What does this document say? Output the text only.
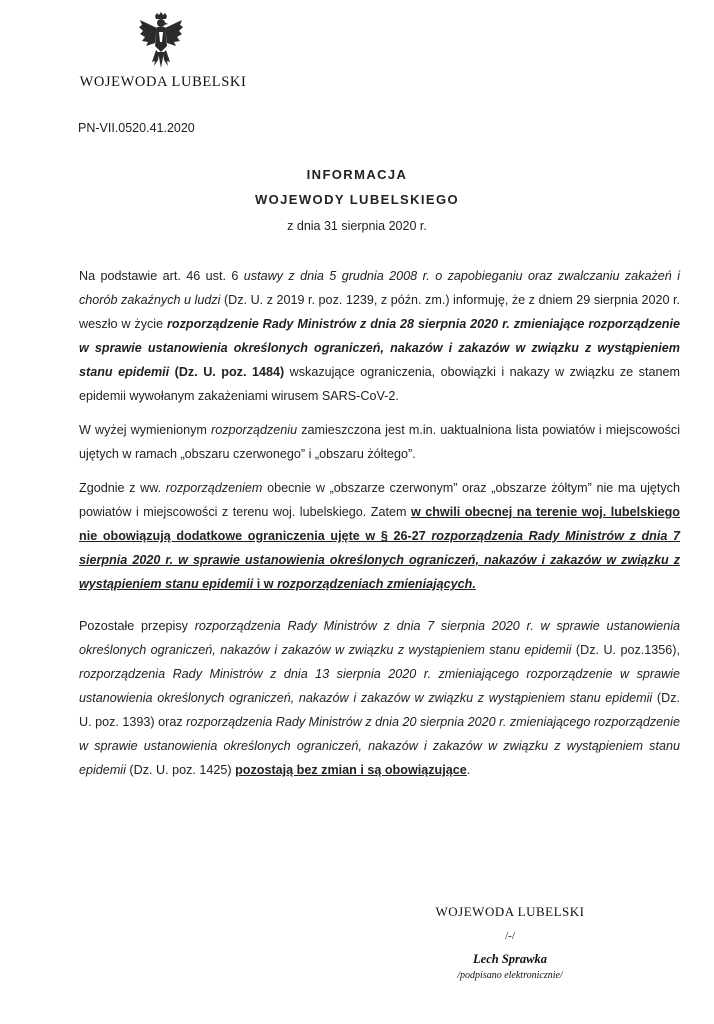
WOJEWODA LUBELSKI
PN-VII.0520.41.2020
INFORMACJA
WOJEWODY LUBELSKIEGO
z dnia 31 sierpnia 2020 r.

Na podstawie art. 46 ust. 6 ustawy z dnia 5 grudnia 2008 r. o zapobieganiu oraz zwalczaniu zakażeń i chorób zakaźnych u ludzi (Dz. U. z 2019 r. poz. 1239, z późn. zm.) informuję, że z dniem 29 sierpnia 2020 r. weszło w życie rozporządzenie Rady Ministrów z dnia 28 sierpnia 2020 r. zmieniające rozporządzenie w sprawie ustanowienia określonych ograniczeń, nakazów i zakazów w związku z wystąpieniem stanu epidemii (Dz. U. poz. 1484) wskazujące ograniczenia, obowiązki i nakazy w związku ze stanem epidemii wywołanym zakażeniami wirusem SARS-CoV-2.

W wyżej wymienionym rozporządzeniu zamieszczona jest m.in. uaktualniona lista powiatów i miejscowości ujętych w ramach „obszaru czerwonego” i „obszaru żółtego”.

Zgodnie z ww. rozporządzeniem obecnie w „obszarze czerwonym” oraz „obszarze żółtym” nie ma ujętych powiatów i miejscowości z terenu woj. lubelskiego. Zatem w chwili obecnej na terenie woj. lubelskiego nie obowiązują dodatkowe ograniczenia ujęte w § 26-27 rozporządzenia Rady Ministrów z dnia 7 sierpnia 2020 r. w sprawie ustanowienia określonych ograniczeń, nakazów i zakazów w związku z wystąpieniem stanu epidemii i w rozporządzeniach zmieniających.

Pozostałe przepisy rozporządzenia Rady Ministrów z dnia 7 sierpnia 2020 r. w sprawie ustanowienia określonych ograniczeń, nakazów i zakazów w związku z wystąpieniem stanu epidemii (Dz. U. poz.1356), rozporządzenia Rady Ministrów z dnia 13 sierpnia 2020 r. zmieniającego rozporządzenie w sprawie ustanowienia określonych ograniczeń, nakazów i zakazów w związku z wystąpieniem stanu epidemii (Dz. U. poz. 1393) oraz rozporządzenia Rady Ministrów z dnia 20 sierpnia 2020 r. zmieniającego rozporządzenie w sprawie ustanowienia określonych ograniczeń, nakazów i zakazów w związku z wystąpieniem stanu epidemii (Dz. U. poz. 1425) pozostają bez zmian i są obowiązujące.

WOJEWODA LUBELSKI
/-/
Lech Sprawka
/podpisano elektronicznie/
